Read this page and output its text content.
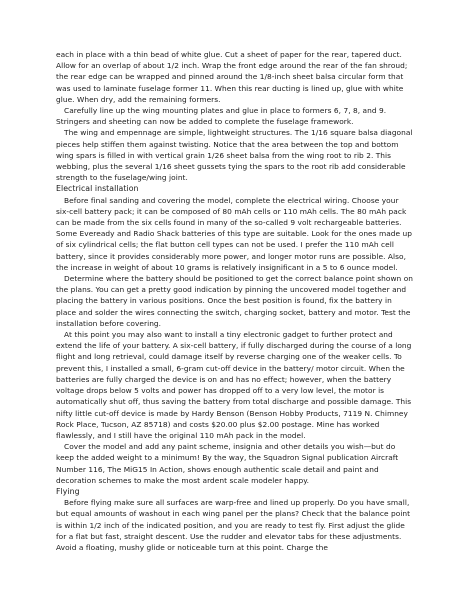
each in place with a thin bead of white glue. Cut a sheet of paper for the rear, tapered duct. Allow for an overlap of about 1/2 inch. Wrap the front edge around the rear of the fan shroud; the rear edge can be wrapped and pinned around the 1/8-inch sheet balsa circular form that was used to laminate fuselage former 11. When this rear ducting is lined up, glue with white glue. When dry, add the remaining formers.

Carefully line up the wing mounting plates and glue in place to formers 6, 7, 8, and 9. Stringers and sheeting can now be added to complete the fuselage framework.

The wing and empennage are simple, lightweight structures. The 1/16 square balsa diagonal pieces help stiffen them against twisting. Notice that the area between the top and bottom wing spars is filled in with vertical grain 1/26 sheet balsa from the wing root to rib 2. This webbing, plus the several 1/16 sheet gussets tying the spars to the root rib add considerable strength to the fuselage/wing joint.

Electrical installation

Before final sanding and covering the model, complete the electrical wiring. Choose your six-cell battery pack; it can be composed of 80 mAh cells or 110 mAh cells. The 80 mAh pack can be made from the six cells found in many of the so-called 9 volt rechargeable batteries. Some Eveready and Radio Shack batteries of this type are suitable. Look for the ones made up of six cylindrical cells; the flat button cell types can not be used. I prefer the 110 mAh cell battery, since it provides considerably more power, and longer motor runs are possible. Also, the increase in weight of about 10 grams is relatively insignificant in a 5 to 6 ounce model.

Determine where the battery should be positioned to get the correct balance point shown on the plans. You can get a pretty good indication by pinning the uncovered model together and placing the battery in various positions. Once the best position is found, fix the battery in place and solder the wires connecting the switch, charging socket, battery and motor. Test the installation before covering.

At this point you may also want to install a tiny electronic gadget to further protect and extend the life of your battery. A six-cell battery, if fully discharged during the course of a long flight and long retrieval, could damage itself by reverse charging one of the weaker cells. To prevent this, I installed a small, 6-gram cut-off device in the battery/ motor circuit. When the batteries are fully charged the device is on and has no effect; however, when the battery voltage drops below 5 volts and power has dropped off to a very low level, the motor is automatically shut off, thus saving the battery from total discharge and possible damage. This nifty little cut-off device is made by Hardy Benson (Benson Hobby Products, 7119 N. Chimney Rock Place, Tucson, AZ 85718) and costs $20.00 plus $2.00 postage. Mine has worked flawlessly, and I still have the original 110 mAh pack in the model.

Cover the model and add any paint scheme, insignia and other details you wish—but do keep the added weight to a minimum! By the way, the Squadron Signal publication Aircraft Number 116, The MiG15 In Action, shows enough authentic scale detail and paint and decoration schemes to make the most ardent scale modeler happy.

Flying

Before flying make sure all surfaces are warp-free and lined up properly. Do you have small, but equal amounts of washout in each wing panel per the plans? Check that the balance point is within 1/2 inch of the indicated position, and you are ready to test fly. First adjust the glide for a flat but fast, straight descent. Use the rudder and elevator tabs for these adjustments. Avoid a floating, mushy glide or noticeable turn at this point. Charge the
